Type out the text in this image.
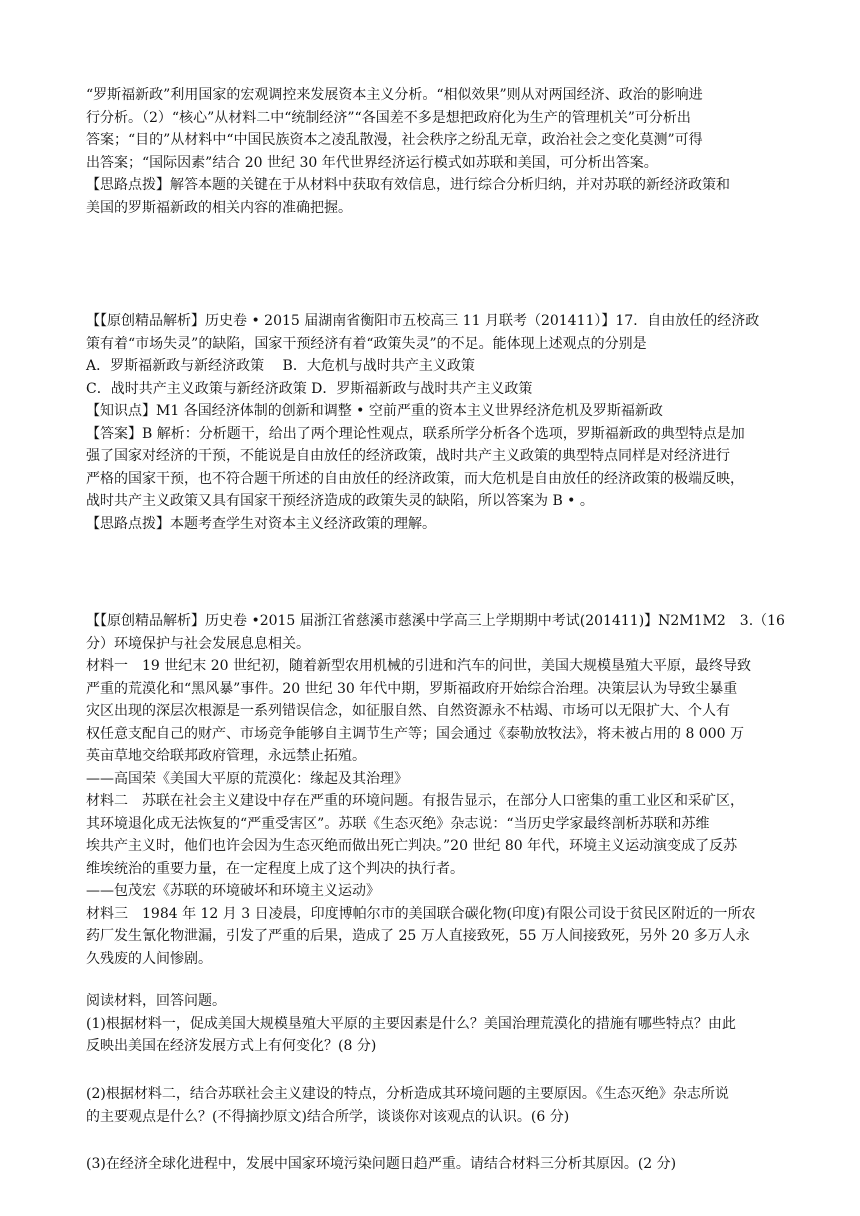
“罗斯福新政”利用国家的宏观调控来发展资本主义分析。“相似效果”则从对两国经济、政治的影响进
行分析。（2）“核心”从材料二中“统制经济”“各国差不多是想把政府化为生产的管理机关”可分析出
答案；“目的”从材料中“中国民族资本之凌乱散漫，社会秩序之纷乱无章，政治社会之变化莫测”可得
出答案；“国际因素”结合 20 世纪 30 年代世界经济运行模式如苏联和美国，可分析出答案。
【思路点拨】解答本题的关键在于从材料中获取有效信息，进行综合分析归纳，并对苏联的新经济政策和
美国的罗斯福新政的相关内容的准确把握。
【【原创精品解析】历史卷 • 2015 届湖南省衡阳市五校高三 11 月联考（201411）】17．自由放任的经济政
策有着“市场失灵”的缺陷，国家干预经济有着“政策失灵”的不足。能体现上述观点的分别是
A．罗斯福新政与新经济政策　 B．大危机与战时共产主义政策
C．战时共产主义政策与新经济政策 D．罗斯福新政与战时共产主义政策
【知识点】M1 各国经济体制的创新和调整 • 空前严重的资本主义世界经济危机及罗斯福新政
【答案】B 解析：分析题干，给出了两个理论性观点，联系所学分析各个选项，罗斯福新政的典型特点是加
强了国家对经济的干预，不能说是自由放任的经济政策，战时共产主义政策的典型特点同样是对经济进行
严格的国家干预，也不符合题干所述的自由放任的经济政策，而大危机是自由放任的经济政策的极端反映，
战时共产主义政策又具有国家干预经济造成的政策失灵的缺陷，所以答案为 B • 。
【思路点拨】本题考查学生对资本主义经济政策的理解。
【【原创精品解析】历史卷 •2015 届浙江省慈溪市慈溪中学高三上学期期中考试(201411)】N2M1M2　3.（16
分）环境保护与社会发展息息相关。
材料一　19 世纪末 20 世纪初，随着新型农用机械的引进和汽车的问世，美国大规模垦殖大平原，最终导致
严重的荒漠化和“黑风暴”事件。20 世纪 30 年代中期，罗斯福政府开始综合治理。决策层认为导致尘暴重
灾区出现的深层次根源是一系列错误信念，如征服自然、自然资源永不枯竭、市场可以无限扩大、个人有
权任意支配自己的财产、市场竞争能够自主调节生产等；国会通过《泰勒放牧法》，将未被占用的 8 000 万
英亩草地交给联邦政府管理，永远禁止拓殖。
——高国荣《美国大平原的荒漠化：缘起及其治理》
材料二　苏联在社会主义建设中存在严重的环境问题。有报告显示，在部分人口密集的重工业区和采矿区，
其环境退化成无法恢复的“严重受害区”。苏联《生态灭绝》杂志说：“当历史学家最终剖析苏联和苏维
埃共产主义时，他们也许会因为生态灭绝而做出死亡判决。”20 世纪 80 年代，环境主义运动演变成了反苏
维埃统治的重要力量，在一定程度上成了这个判决的执行者。
——包茂宏《苏联的环境破坏和环境主义运动》
材料三　1984 年 12 月 3 日凌晨，印度博帕尔市的美国联合碳化物(印度)有限公司设于贫民区附近的一所农
药厂发生氰化物泄漏，引发了严重的后果，造成了 25 万人直接致死，55 万人间接致死，另外 20 多万人永
久残废的人间惨剧。
阅读材料，回答问题。
(1)根据材料一，促成美国大规模垦殖大平原的主要因素是什么？美国治理荒漠化的措施有哪些特点？由此
反映出美国在经济发展方式上有何变化？(8 分)
(2)根据材料二，结合苏联社会主义建设的特点，分析造成其环境问题的主要原因。《生态灭绝》杂志所说
的主要观点是什么？(不得摘抄原文)结合所学，谈谈你对该观点的认识。(6 分)
(3)在经济全球化进程中，发展中国家环境污染问题日趋严重。请结合材料三分析其原因。(2 分)
